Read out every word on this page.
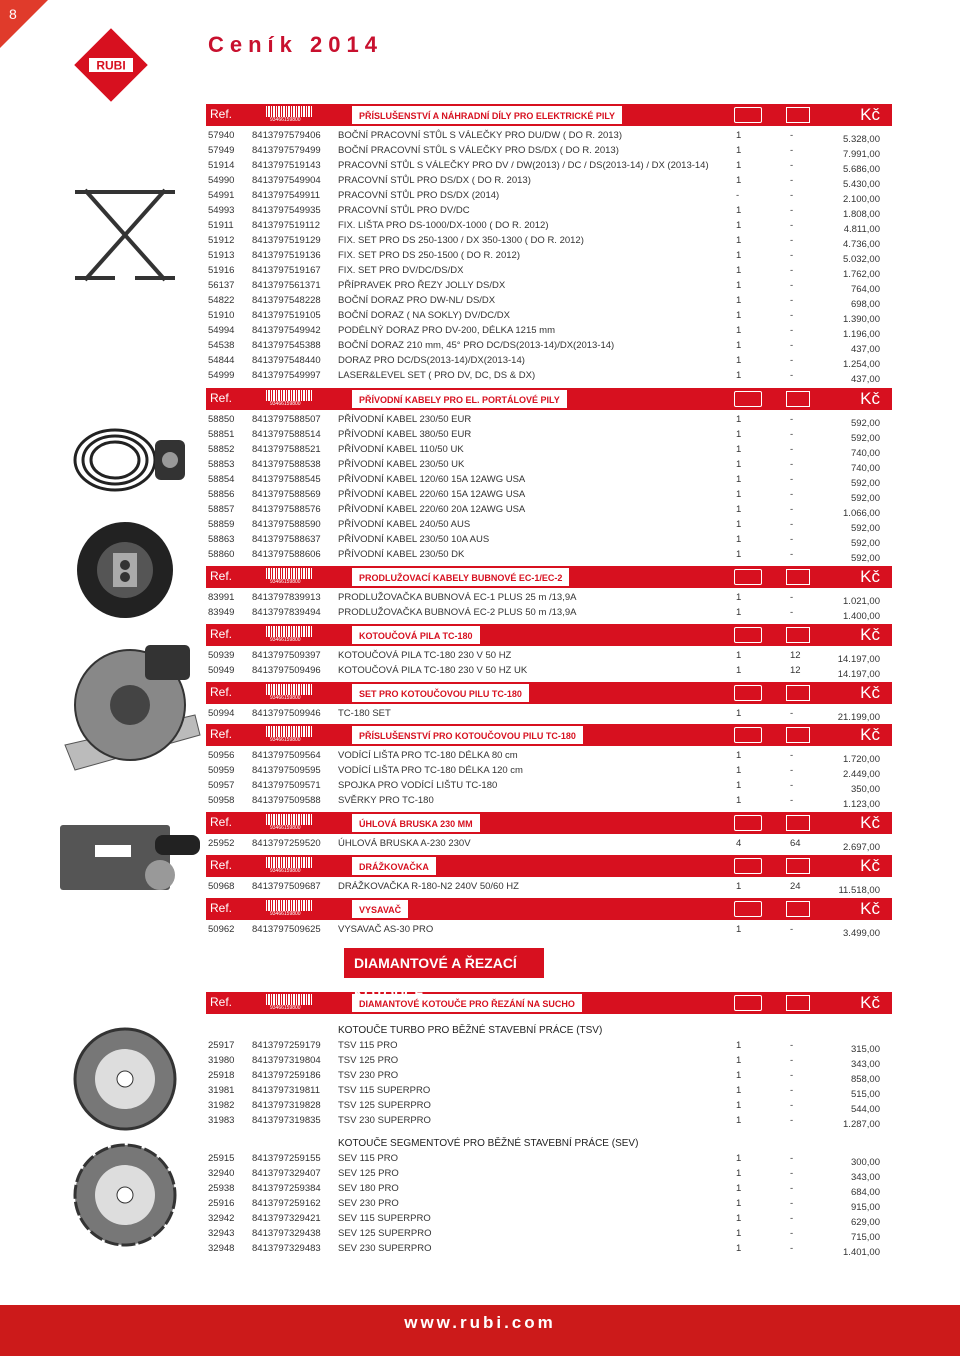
8
RUBI
Ceník 2014
Ref.	93466159800	PŘÍSLUŠENSTVÍ A NÁHRADNÍ DÍLY PRO ELEKTRICKÉ PILY	Kč
57940 8413797579406 BOČNÍ PRACOVNÍ STŮL S VÁLEČKY PRO DU/DW ( DO R. 2013)	1	-	5.328,00
57949 8413797579499 BOČNÍ PRACOVNÍ STŮL S VÁLEČKY PRO DS/DX ( DO R. 2013)	1	-	7.991,00
51914 8413797519143 PRACOVNÍ STŮL S VÁLEČKY PRO DV / DW(2013) / DC / DS(2013-14) / DX (2013-14)	1	-	5.686,00
54990 8413797549904 PRACOVNÍ STŮL PRO DS/DX ( DO R. 2013)	1	-	5.430,00
54991 8413797549911 PRACOVNÍ STŮL PRO DS/DX (2014)	-	-	2.100,00
54993 8413797549935 PRACOVNÍ STŮL PRO DV/DC	1	-	1.808,00
51911 8413797519112 FIX. LIŠTA PRO DS-1000/DX-1000 ( DO R. 2012)	1	-	4.811,00
51912 8413797519129 FIX. SET PRO DS 250-1300 / DX 350-1300 ( DO R. 2012)	1	-	4.736,00
51913 8413797519136 FIX. SET PRO DS 250-1500 ( DO R. 2012)	1	-	5.032,00
51916 8413797519167 FIX. SET PRO DV/DC/DS/DX	1	-	1.762,00
56137 8413797561371 PŘÍPRAVEK PRO ŘEZY JOLLY DS/DX	1	-	764,00
54822 8413797548228 BOČNÍ DORAZ PRO DW-NL/ DS/DX	1	-	698,00
51910 8413797519105 BOČNÍ DORAZ ( NA SOKLY) DV/DC/DX	1	-	1.390,00
54994 8413797549942 PODÉLNÝ DORAZ PRO DV-200, DÉLKA 1215 mm	1	-	1.196,00
54538 8413797545388 BOČNÍ DORAZ 210 mm, 45° PRO DC/DS(2013-14)/DX(2013-14)	1	-	437,00
54844 8413797548440 DORAZ PRO DC/DS(2013-14)/DX(2013-14)	1	-	1.254,00
54999 8413797549997 LASER&LEVEL SET ( PRO DV, DC, DS & DX)	1	-	437,00
Ref.	93466159800	PŘÍVODNÍ KABELY PRO EL. PORTÁLOVÉ PILY	Kč
58850 8413797588507 PŘÍVODNÍ KABEL 230/50 EUR	1	-	592,00
58851 8413797588514 PŘÍVODNÍ KABEL 380/50 EUR	1	-	592,00
58852 8413797588521 PŘÍVODNÍ KABEL 110/50 UK	1	-	740,00
58853 8413797588538 PŘÍVODNÍ KABEL 230/50 UK	1	-	740,00
58854 8413797588545 PŘÍVODNÍ KABEL 120/60 15A 12AWG USA	1	-	592,00
58856 8413797588569 PŘÍVODNÍ KABEL 220/60 15A 12AWG USA	1	-	592,00
58857 8413797588576 PŘÍVODNÍ KABEL 220/60 20A 12AWG USA	1	-	1.066,00
58859 8413797588590 PŘÍVODNÍ KABEL 240/50 AUS	1	-	592,00
58863 8413797588637 PŘÍVODNÍ KABEL 230/50 10A AUS	1	-	592,00
58860 8413797588606 PŘÍVODNÍ KABEL 230/50 DK	1	-	592,00
Ref.	93466159800	PRODLUŽOVACÍ KABELY BUBNOVÉ EC-1/EC-2	Kč
83991 8413797839913 PRODLUŽOVAČKA BUBNOVÁ EC-1 PLUS 25 m /13,9A	1	-	1.021,00
83949 8413797839494 PRODLUŽOVAČKA BUBNOVÁ EC-2 PLUS 50 m /13,9A	1	-	1.400,00
Ref.	93466159800	KOTOUČOVÁ PILA TC-180	Kč
50939 8413797509397 KOTOUČOVÁ PILA TC-180 230 V 50 HZ	1	12	14.197,00
50949 8413797509496 KOTOUČOVÁ PILA TC-180 230 V 50 HZ UK	1	12	14.197,00
Ref.	93466159800	SET PRO KOTOUČOVOU PILU TC-180	Kč
50994 8413797509946 TC-180 SET	1	-	21.199,00
Ref.	93466159800	PŘÍSLUŠENSTVÍ PRO KOTOUČOVOU PILU TC-180	Kč
50956 8413797509564 VODÍCÍ LIŠTA PRO TC-180 DÉLKA 80 cm	1	-	1.720,00
50959 8413797509595 VODÍCÍ LIŠTA PRO TC-180 DÉLKA 120 cm	1	-	2.449,00
50957 8413797509571 SPOJKA PRO VODÍCÍ LIŠTU TC-180	1	-	350,00
50958 8413797509588 SVĚRKY PRO TC-180	1	-	1.123,00
Ref.	93466159800	ÚHLOVÁ BRUSKA 230 MM	Kč
25952 8413797259520 ÚHLOVÁ BRUSKA A-230 230V	4	64	2.697,00
Ref.	93466159800	DRÁŽKOVAČKA	Kč
50968 8413797509687 DRÁŽKOVAČKA R-180-N2 240V 50/60 HZ	1	24	11.518,00
Ref.	93466159800	VYSAVAČ	Kč
50962 8413797509625 VYSAVAČ AS-30 PRO	1	-	3.499,00
Ref.	93466159800	DIAMANTOVÉ KOTOUČE PRO ŘEZÁNÍ NA SUCHO	Kč
KOTOUČE TURBO PRO BĚŽNÉ STAVEBNÍ PRÁCE (TSV)
25917 8413797259179 TSV 115 PRO	1	-	315,00
31980 8413797319804 TSV 125 PRO	1	-	343,00
25918 8413797259186 TSV 230 PRO	1	-	858,00
31981 8413797319811 TSV 115 SUPERPRO	1	-	515,00
31982 8413797319828 TSV 125 SUPERPRO	1	-	544,00
31983 8413797319835 TSV 230 SUPERPRO	1	-	1.287,00
KOTOUČE SEGMENTOVÉ PRO BĚŽNÉ STAVEBNÍ PRÁCE (SEV)
25915 8413797259155 SEV 115 PRO	1	-	300,00
32940 8413797329407 SEV 125 PRO	1	-	343,00
25938 8413797259384 SEV 180 PRO	1	-	684,00
25916 8413797259162 SEV 230 PRO	1	-	915,00
32942 8413797329421 SEV 115 SUPERPRO	1	-	629,00
32943 8413797329438 SEV 125 SUPERPRO	1	-	715,00
32948 8413797329483 SEV 230 SUPERPRO	1	-	1.401,00
DIAMANTOVÉ A ŘEZACÍ KOTOUČE
www.rubi.com
